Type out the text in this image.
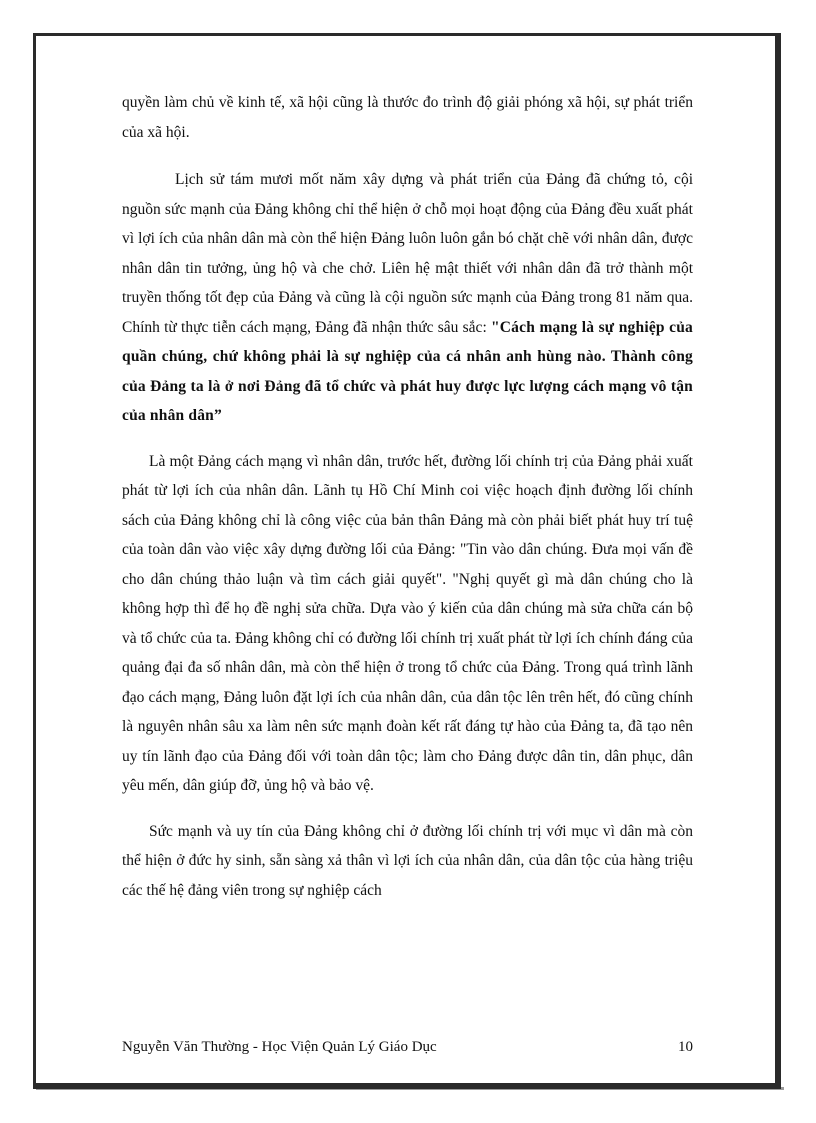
quyền làm chủ về kinh tế, xã hội cũng là thước đo trình độ giải phóng xã hội, sự phát triển của xã hội.

Lịch sử tám mươi mốt năm xây dựng và phát triển của Đảng đã chứng tỏ, cội nguồn sức mạnh của Đảng không chỉ thể hiện ở chỗ mọi hoạt động của Đảng đều xuất phát vì lợi ích của nhân dân mà còn thể hiện Đảng luôn luôn gắn bó chặt chẽ với nhân dân, được nhân dân tin tưởng, ủng hộ và che chở. Liên hệ mật thiết với nhân dân đã trở thành một truyền thống tốt đẹp của Đảng và cũng là cội nguồn sức mạnh của Đảng trong 81 năm qua. Chính từ thực tiễn cách mạng, Đảng đã nhận thức sâu sắc: "Cách mạng là sự nghiệp của quần chúng, chứ không phải là sự nghiệp của cá nhân anh hùng nào. Thành công của Đảng ta là ở nơi Đảng đã tổ chức và phát huy được lực lượng cách mạng vô tận của nhân dân”

Là một Đảng cách mạng vì nhân dân, trước hết, đường lối chính trị của Đảng phải xuất phát từ lợi ích của nhân dân. Lãnh tụ Hồ Chí Minh coi việc hoạch định đường lối chính sách của Đảng không chỉ là công việc của bản thân Đảng mà còn phải biết phát huy trí tuệ của toàn dân vào việc xây dựng đường lối của Đảng: "Tin vào dân chúng. Đưa mọi vấn đề cho dân chúng thảo luận và tìm cách giải quyết". "Nghị quyết gì mà dân chúng cho là không hợp thì để họ đề nghị sửa chữa. Dựa vào ý kiến của dân chúng mà sửa chữa cán bộ và tổ chức của ta. Đảng không chỉ có đường lối chính trị xuất phát từ lợi ích chính đáng của quảng đại đa số nhân dân, mà còn thể hiện ở trong tổ chức của Đảng. Trong quá trình lãnh đạo cách mạng, Đảng luôn đặt lợi ích của nhân dân, của dân tộc lên trên hết, đó cũng chính là nguyên nhân sâu xa làm nên sức mạnh đoàn kết rất đáng tự hào của Đảng ta, đã tạo nên uy tín lãnh đạo của Đảng đối với toàn dân tộc; làm cho Đảng được dân tin, dân phục, dân yêu mến, dân giúp đỡ, ủng hộ và bảo vệ.

Sức mạnh và uy tín của Đảng không chỉ ở đường lối chính trị với mục vì dân mà còn thể hiện ở đức hy sinh, sẵn sàng xả thân vì lợi ích của nhân dân, của dân tộc của hàng triệu các thế hệ đảng viên trong sự nghiệp cách

Nguyễn Văn Thường - Học Viện Quản Lý Giáo Dục	10
